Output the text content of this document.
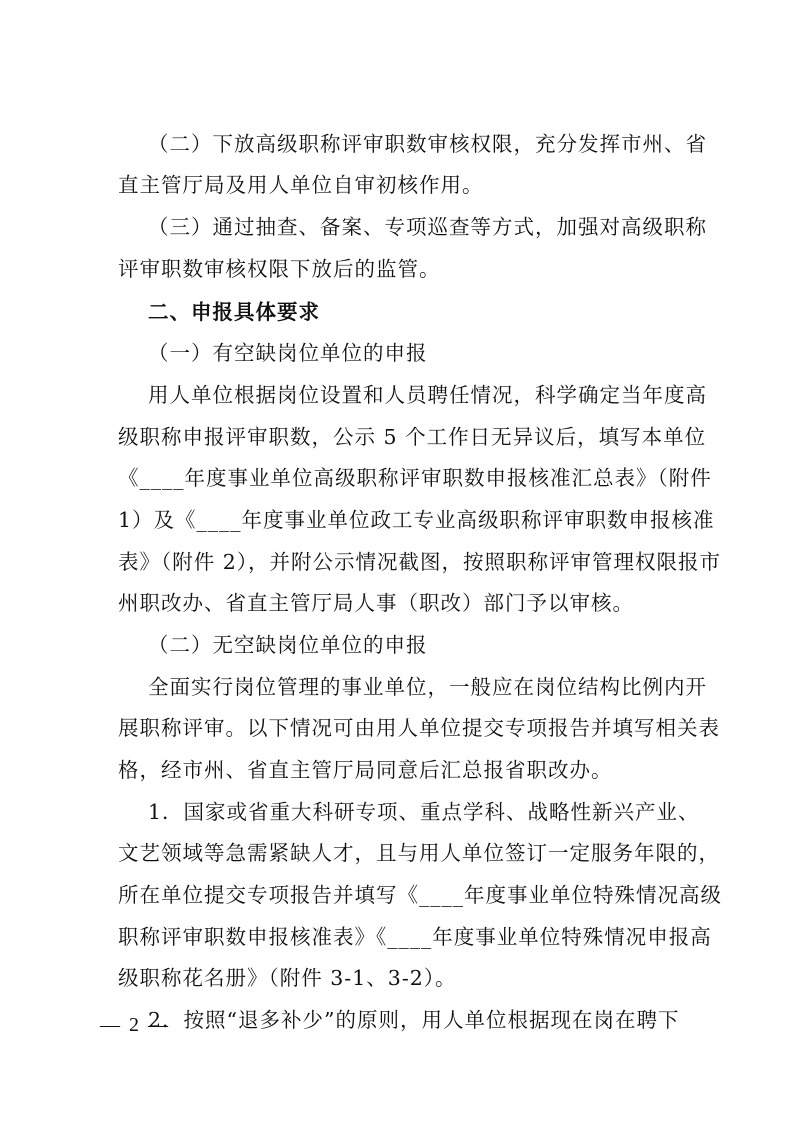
（二）下放高级职称评审职数审核权限，充分发挥市州、省
直主管厅局及用人单位自审初核作用。
（三）通过抽查、备案、专项巡查等方式，加强对高级职称
评审职数审核权限下放后的监管。
二、申报具体要求
（一）有空缺岗位单位的申报
用人单位根据岗位设置和人员聘任情况，科学确定当年度高
级职称申报评审职数，公示 5 个工作日无异议后，填写本单位
《____年度事业单位高级职称评审职数申报核准汇总表》（附件
1）及《____年度事业单位政工专业高级职称评审职数申报核准
表》（附件 2），并附公示情况截图，按照职称评审管理权限报市
州职改办、省直主管厅局人事（职改）部门予以审核。
（二）无空缺岗位单位的申报
全面实行岗位管理的事业单位，一般应在岗位结构比例内开
展职称评审。以下情况可由用人单位提交专项报告并填写相关表
格，经市州、省直主管厅局同意后汇总报省职改办。
1．国家或省重大科研专项、重点学科、战略性新兴产业、
文艺领域等急需紧缺人才，且与用人单位签订一定服务年限的，
所在单位提交专项报告并填写《____年度事业单位特殊情况高级
职称评审职数申报核准表》《____年度事业单位特殊情况申报高
级职称花名册》（附件 3-1、3-2）。
2．按照“退多补少”的原则，用人单位根据现在岗在聘下
— 2 —
